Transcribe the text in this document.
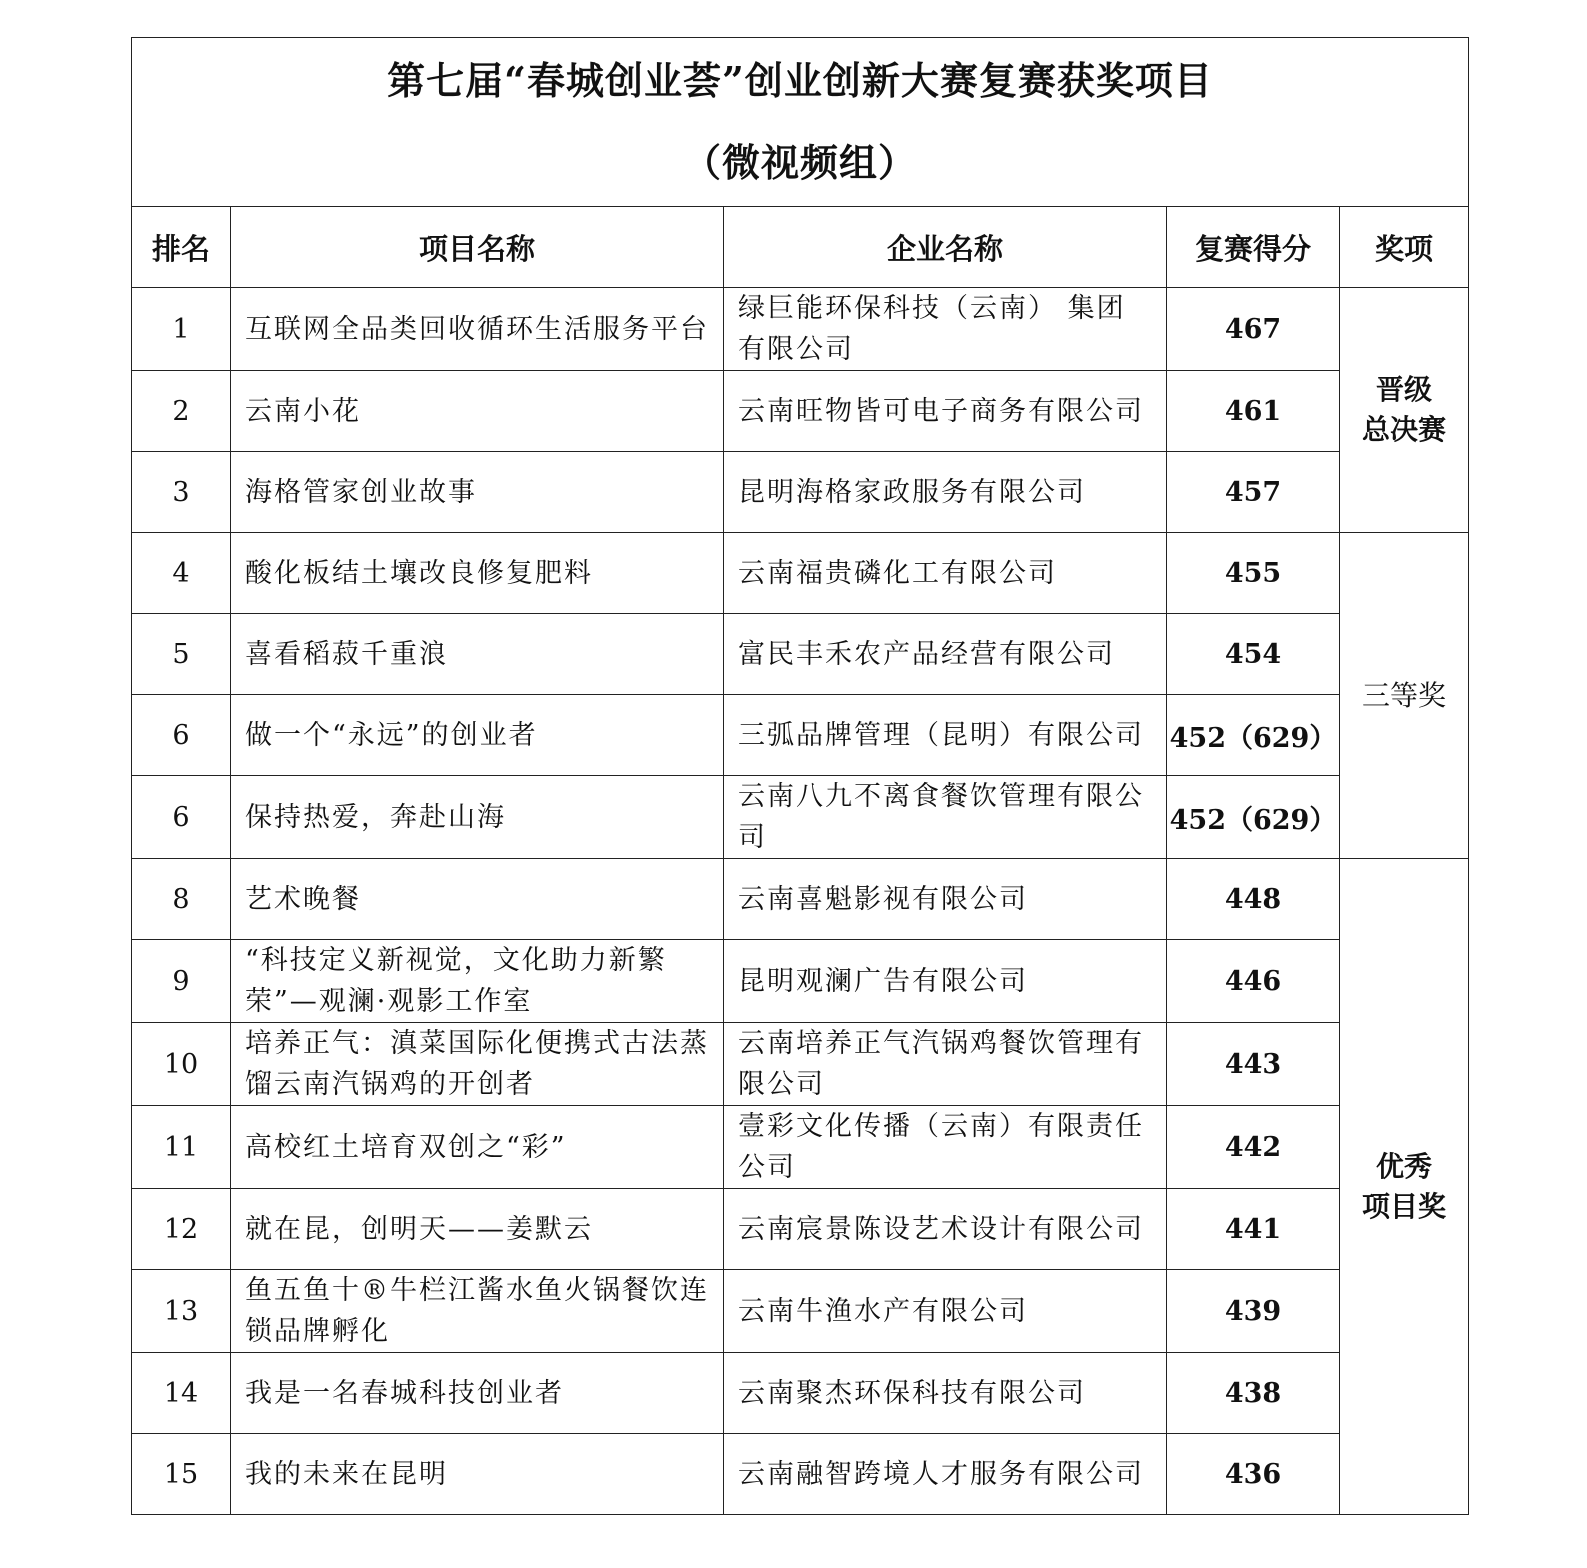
第七届“春城创业荟”创业创新大赛复赛获奖项目
（微视频组）				

排名	项目名称	企业名称	复赛得分	奖项
1	互联网全品类回收循环生活服务平台	绿巨能环保科技（云南） 集团有限公司	467	晋级
总决赛

2	云南小花	云南旺物皆可电子商务有限公司	461	
3	海格管家创业故事	昆明海格家政服务有限公司	457	
4	酸化板结土壤改良修复肥料	云南福贵磷化工有限公司	455	三等奖

5	喜看稻菽千重浪	富民丰禾农产品经营有限公司	454	
6	做一个“永远”的创业者	三弧品牌管理（昆明）有限公司	452（629）	
6	保持热爱，奔赴山海	云南八九不离食餐饮管理有限公司	452（629）	
8	艺术晚餐	云南喜魁影视有限公司	448	优秀
项目奖

9	“科技定义新视觉，文化助力新繁荣”—观澜·观影工作室	昆明观澜广告有限公司	446	
10	培养正气：滇菜国际化便携式古法蒸馏云南汽锅鸡的开创者	云南培养正气汽锅鸡餐饮管理有限公司	443	
11	高校红土培育双创之“彩”	壹彩文化传播（云南）有限责任公司	442	
12	就在昆，创明天——姜默云	云南宸景陈设艺术设计有限公司	441	
13	鱼五鱼十®牛栏江酱水鱼火锅餐饮连锁品牌孵化	云南牛渔水产有限公司	439	
14	我是一名春城科技创业者	云南聚杰环保科技有限公司	438	
15	我的未来在昆明	云南融智跨境人才服务有限公司	436	
